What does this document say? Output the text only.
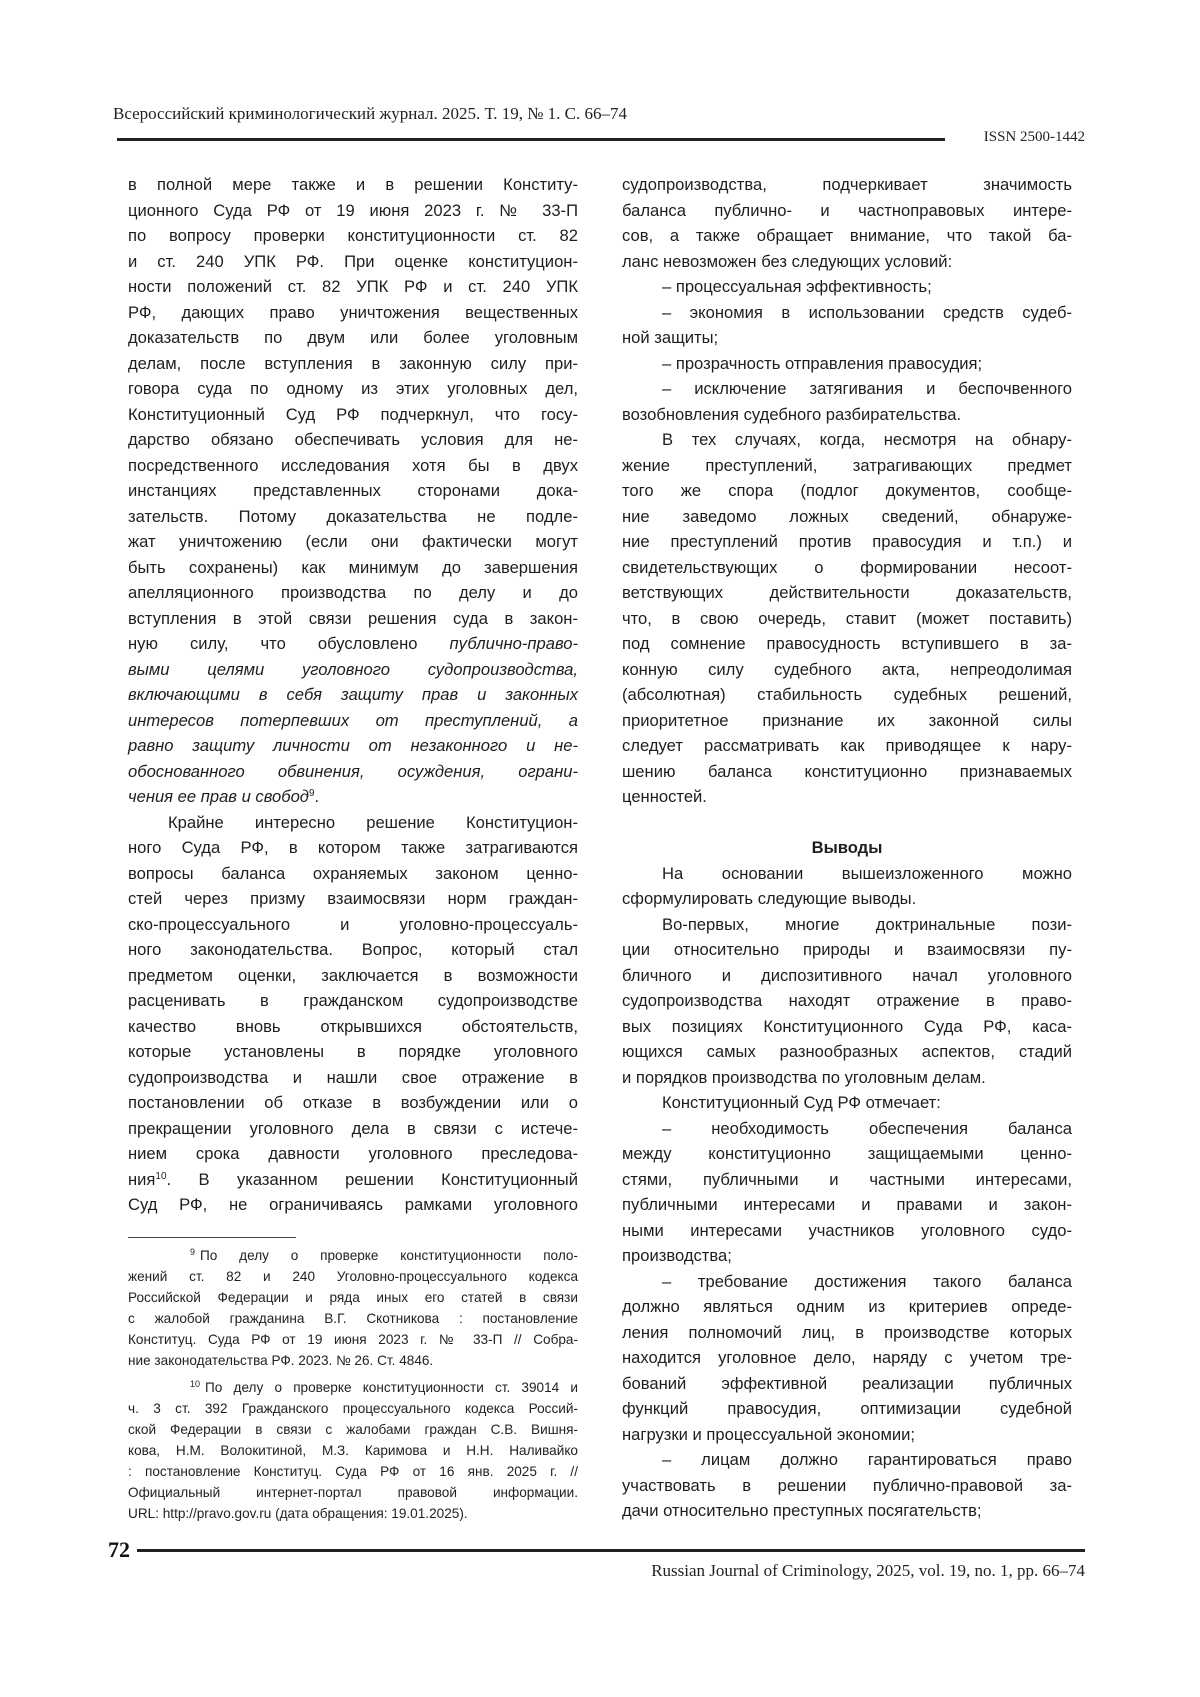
Всероссийский криминологический журнал. 2025. Т. 19, № 1. С. 66–74
ISSN 2500-1442
в полной мере также и в решении Конститу-
ционного Суда РФ от 19 июня 2023 г. № 33-П
по вопросу проверки конституционности ст. 82
и ст. 240 УПК РФ. При оценке конституцион-
ности положений ст. 82 УПК РФ и ст. 240 УПК
РФ, дающих право уничтожения вещественных
доказательств по двум или более уголовным
делам, после вступления в законную силу при-
говора суда по одному из этих уголовных дел,
Конституционный Суд РФ подчеркнул, что госу-
дарство обязано обеспечивать условия для не-
посредственного исследования хотя бы в двух
инстанциях представленных сторонами дока-
зательств. Потому доказательства не подле-
жат уничтожению (если они фактически могут
быть сохранены) как минимум до завершения
апелляционного производства по делу и до
вступления в этой связи решения суда в закон-
ную силу, что обусловлено публично-право-
выми целями уголовного судопроизводства,
включающими в себя защиту прав и законных
интересов потерпевших от преступлений, а
равно защиту личности от незаконного и не-
обоснованного обвинения, осуждения, ограни-
чения ее прав и свобод9.
Крайне интересно решение Конституцион-
ного Суда РФ, в котором также затрагиваются
вопросы баланса охраняемых законом ценно-
стей через призму взаимосвязи норм граждан-
ско-процессуального и уголовно-процессуаль-
ного законодательства. Вопрос, который стал
предметом оценки, заключается в возможности
расценивать в гражданском судопроизводстве
качество вновь открывшихся обстоятельств,
которые установлены в порядке уголовного
судопроизводства и нашли свое отражение в
постановлении об отказе в возбуждении или о
прекращении уголовного дела в связи с истече-
нием срока давности уголовного преследова-
ния10. В указанном решении Конституционный
Суд РФ, не ограничиваясь рамками уголовного
судопроизводства, подчеркивает значимость
баланса публично- и частноправовых интере-
сов, а также обращает внимание, что такой ба-
ланс невозможен без следующих условий:
– процессуальная эффективность;
– экономия в использовании средств судеб-
ной защиты;
– прозрачность отправления правосудия;
– исключение затягивания и беспочвенного
возобновления судебного разбирательства.
В тех случаях, когда, несмотря на обнару-
жение преступлений, затрагивающих предмет
того же спора (подлог документов, сообще-
ние заведомо ложных сведений, обнаруже-
ние преступлений против правосудия и т.п.) и
свидетельствующих о формировании несоот-
ветствующих действительности доказательств,
что, в свою очередь, ставит (может поставить)
под сомнение правосудность вступившего в за-
конную силу судебного акта, непреодолимая
(абсолютная) стабильность судебных решений,
приоритетное признание их законной силы
следует рассматривать как приводящее к нару-
шению баланса конституционно признаваемых
ценностей.
Выводы
На основании вышеизложенного можно
сформулировать следующие выводы.
Во-первых, многие доктринальные пози-
ции относительно природы и взаимосвязи пу-
бличного и диспозитивного начал уголовного
судопроизводства находят отражение в право-
вых позициях Конституционного Суда РФ, каса-
ющихся самых разнообразных аспектов, стадий
и порядков производства по уголовным делам.
Конституционный Суд РФ отмечает:
– необходимость обеспечения баланса
между конституционно защищаемыми ценно-
стями, публичными и частными интересами,
публичными интересами и правами и закон-
ными интересами участников уголовного судо-
производства;
– требование достижения такого баланса
должно являться одним из критериев опреде-
ления полномочий лиц, в производстве которых
находится уголовное дело, наряду с учетом тре-
бований эффективной реализации публичных
функций правосудия, оптимизации судебной
нагрузки и процессуальной экономии;
– лицам должно гарантироваться право
участвовать в решении публично-правовой за-
дачи относительно преступных посягательств;
9 По делу о проверке конституционности поло-
жений ст. 82 и 240 Уголовно-процессуального кодекса
Российской Федерации и ряда иных его статей в связи
с жалобой гражданина В.Г. Скотникова : постановление
Конституц. Суда РФ от 19 июня 2023 г. № 33-П // Собра-
ние законодательства РФ. 2023. № 26. Ст. 4846.
10 По делу о проверке конституционности ст. 39014 и
ч. 3 ст. 392 Гражданского процессуального кодекса Россий-
ской Федерации в связи с жалобами граждан С.В. Вишня-
кова, Н.М. Волокитиной, М.З. Каримова и Н.Н. Наливайко
: постановление Конституц. Суда РФ от 16 янв. 2025 г. //
Официальный интернет-портал правовой информации.
URL: http://pravo.gov.ru (дата обращения: 19.01.2025).
72
Russian Journal of Criminology, 2025, vol. 19, no. 1, pp. 66–74
